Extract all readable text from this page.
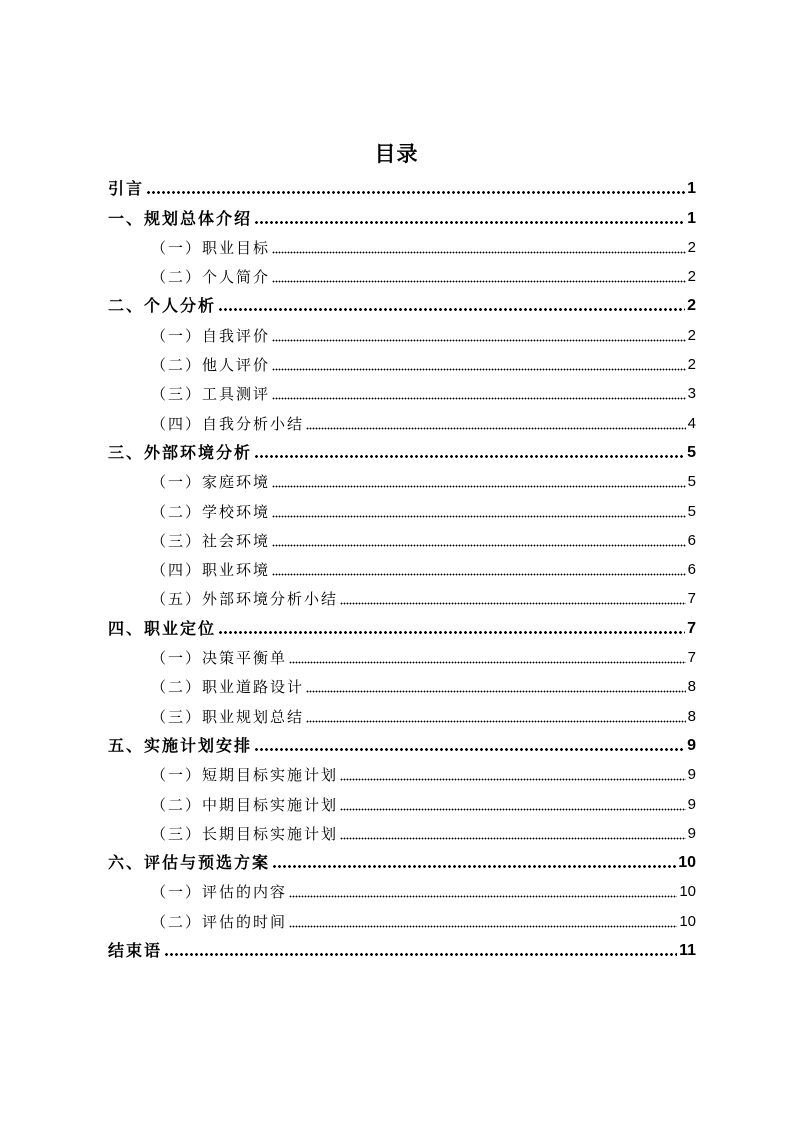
目录
引言	1
一、规划总体介绍	1
（一）职业目标	2
（二）个人简介	2
二、个人分析	2
（一）自我评价	2
（二）他人评价	2
（三）工具测评	3
（四）自我分析小结	4
三、外部环境分析	5
（一）家庭环境	5
（二）学校环境	5
（三）社会环境	6
（四）职业环境	6
（五）外部环境分析小结	7
四、职业定位	7
（一）决策平衡单	7
（二）职业道路设计	8
（三）职业规划总结	8
五、实施计划安排	9
（一）短期目标实施计划	9
（二）中期目标实施计划	9
（三）长期目标实施计划	9
六、评估与预选方案	10
（一）评估的内容	10
（二）评估的时间	10
结束语	11
